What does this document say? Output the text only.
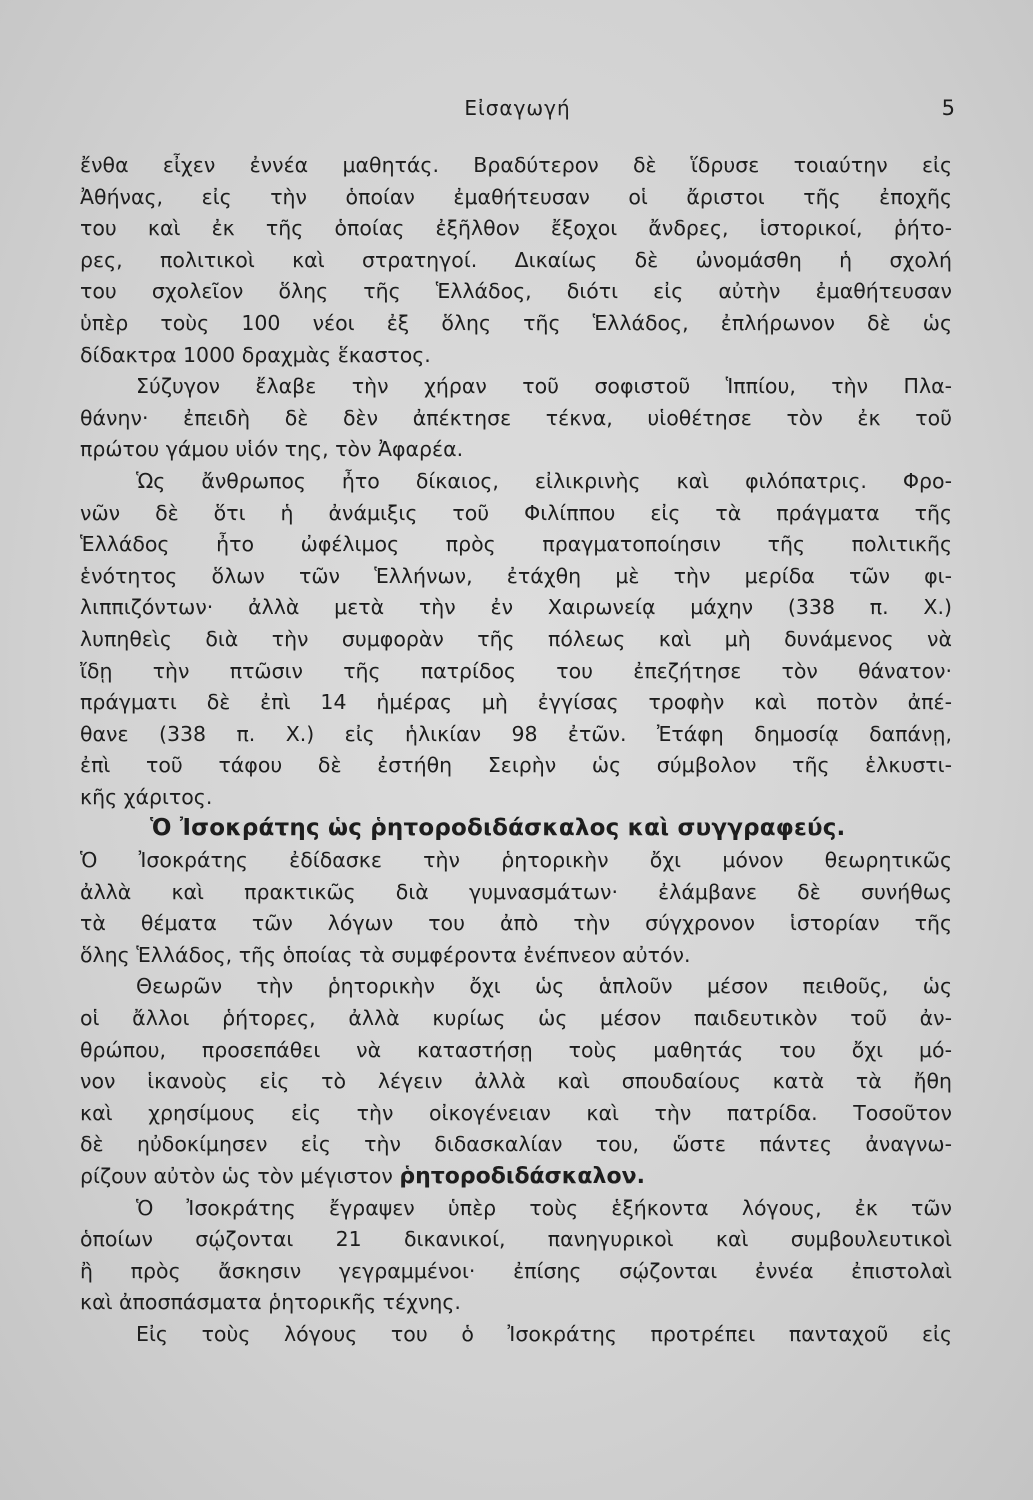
Εἰσαγωγή	5
ἔνθα εἶχεν ἐννέα μαθητάς. Βραδύτερον δὲ ἵδρυσε τοιαύτην εἰς
Ἀθήνας, εἰς τὴν ὁποίαν ἐμαθήτευσαν οἱ ἄριστοι τῆς ἐποχῆς
του καὶ ἐκ τῆς ὁποίας ἐξῆλθον ἔξοχοι ἄνδρες, ἱστορικοί, ῥήτο-
ρες, πολιτικοὶ καὶ στρατηγοί. Δικαίως δὲ ὠνομάσθη ἡ σχολή
του σχολεῖον ὅλης τῆς Ἑλλάδος, διότι εἰς αὐτὴν ἐμαθήτευσαν
ὑπὲρ τοὺς 100 νέοι ἐξ ὅλης τῆς Ἑλλάδος, ἐπλήρωνον δὲ ὡς
δίδακτρα 1000 δραχμὰς ἕκαστος.
Σύζυγον ἔλαβε τὴν χήραν τοῦ σοφιστοῦ Ἱππίου, τὴν Πλα-
θάνην· ἐπειδὴ δὲ δὲν ἀπέκτησε τέκνα, υἱοθέτησε τὸν ἐκ τοῦ
πρώτου γάμου υἱόν της, τὸν Ἀφαρέα.
Ὡς ἄνθρωπος ἦτο δίκαιος, εἰλικρινὴς καὶ φιλόπατρις. Φρο-
νῶν δὲ ὅτι ἡ ἀνάμιξις τοῦ Φιλίππου εἰς τὰ πράγματα τῆς
Ἑλλάδος ἦτο ὠφέλιμος πρὸς πραγματοποίησιν τῆς πολιτικῆς
ἑνότητος ὅλων τῶν Ἑλλήνων, ἐτάχθη μὲ τὴν μερίδα τῶν φι-
λιππιζόντων· ἀλλὰ μετὰ τὴν ἐν Χαιρωνείᾳ μάχην (338 π. Χ.)
λυπηθεὶς διὰ τὴν συμφορὰν τῆς πόλεως καὶ μὴ δυνάμενος νὰ
ἴδῃ τὴν πτῶσιν τῆς πατρίδος του ἐπεζήτησε τὸν θάνατον·
πράγματι δὲ ἐπὶ 14 ἡμέρας μὴ ἐγγίσας τροφὴν καὶ ποτὸν ἀπέ-
θανε (338 π. Χ.) εἰς ἡλικίαν 98 ἐτῶν. Ἐτάφη δημοσίᾳ δαπάνῃ,
ἐπὶ τοῦ τάφου δὲ ἐστήθη Σειρὴν ὡς σύμβολον τῆς ἑλκυστι-
κῆς χάριτος.
Ὁ Ἰσοκράτης ὡς ῥητοροδιδάσκαλος καὶ συγγραφεύς.
Ὁ Ἰσοκράτης ἐδίδασκε τὴν ῥητορικὴν ὄχι μόνον θεωρητικῶς
ἀλλὰ καὶ πρακτικῶς διὰ γυμνασμάτων· ἐλάμβανε δὲ συνήθως
τὰ θέματα τῶν λόγων του ἀπὸ τὴν σύγχρονον ἱστορίαν τῆς
ὅλης Ἑλλάδος, τῆς ὁποίας τὰ συμφέροντα ἐνέπνεον αὐτόν.
Θεωρῶν τὴν ῥητορικὴν ὄχι ὡς ἁπλοῦν μέσον πειθοῦς, ὡς
οἱ ἄλλοι ῥήτορες, ἀλλὰ κυρίως ὡς μέσον παιδευτικὸν τοῦ ἀν-
θρώπου, προσεπάθει νὰ καταστήσῃ τοὺς μαθητάς του ὄχι μό-
νον ἱκανοὺς εἰς τὸ λέγειν ἀλλὰ καὶ σπουδαίους κατὰ τὰ ἤθη
καὶ χρησίμους εἰς τὴν οἰκογένειαν καὶ τὴν πατρίδα. Τοσοῦτον
δὲ ηὐδοκίμησεν εἰς τὴν διδασκαλίαν του, ὥστε πάντες ἀναγνω-
ρίζουν αὐτὸν ὡς τὸν μέγιστον ῥητοροδιδάσκαλον.
Ὁ Ἰσοκράτης ἔγραψεν ὑπὲρ τοὺς ἑξήκοντα λόγους, ἐκ τῶν
ὁποίων σῴζονται 21 δικανικοί, πανηγυρικοὶ καὶ συμβουλευτικοὶ
ἢ πρὸς ἄσκησιν γεγραμμένοι· ἐπίσης σῴζονται ἐννέα ἐπιστολαὶ
καὶ ἀποσπάσματα ῥητορικῆς τέχνης.
Εἰς τοὺς λόγους του ὁ Ἰσοκράτης προτρέπει πανταχοῦ εἰς
